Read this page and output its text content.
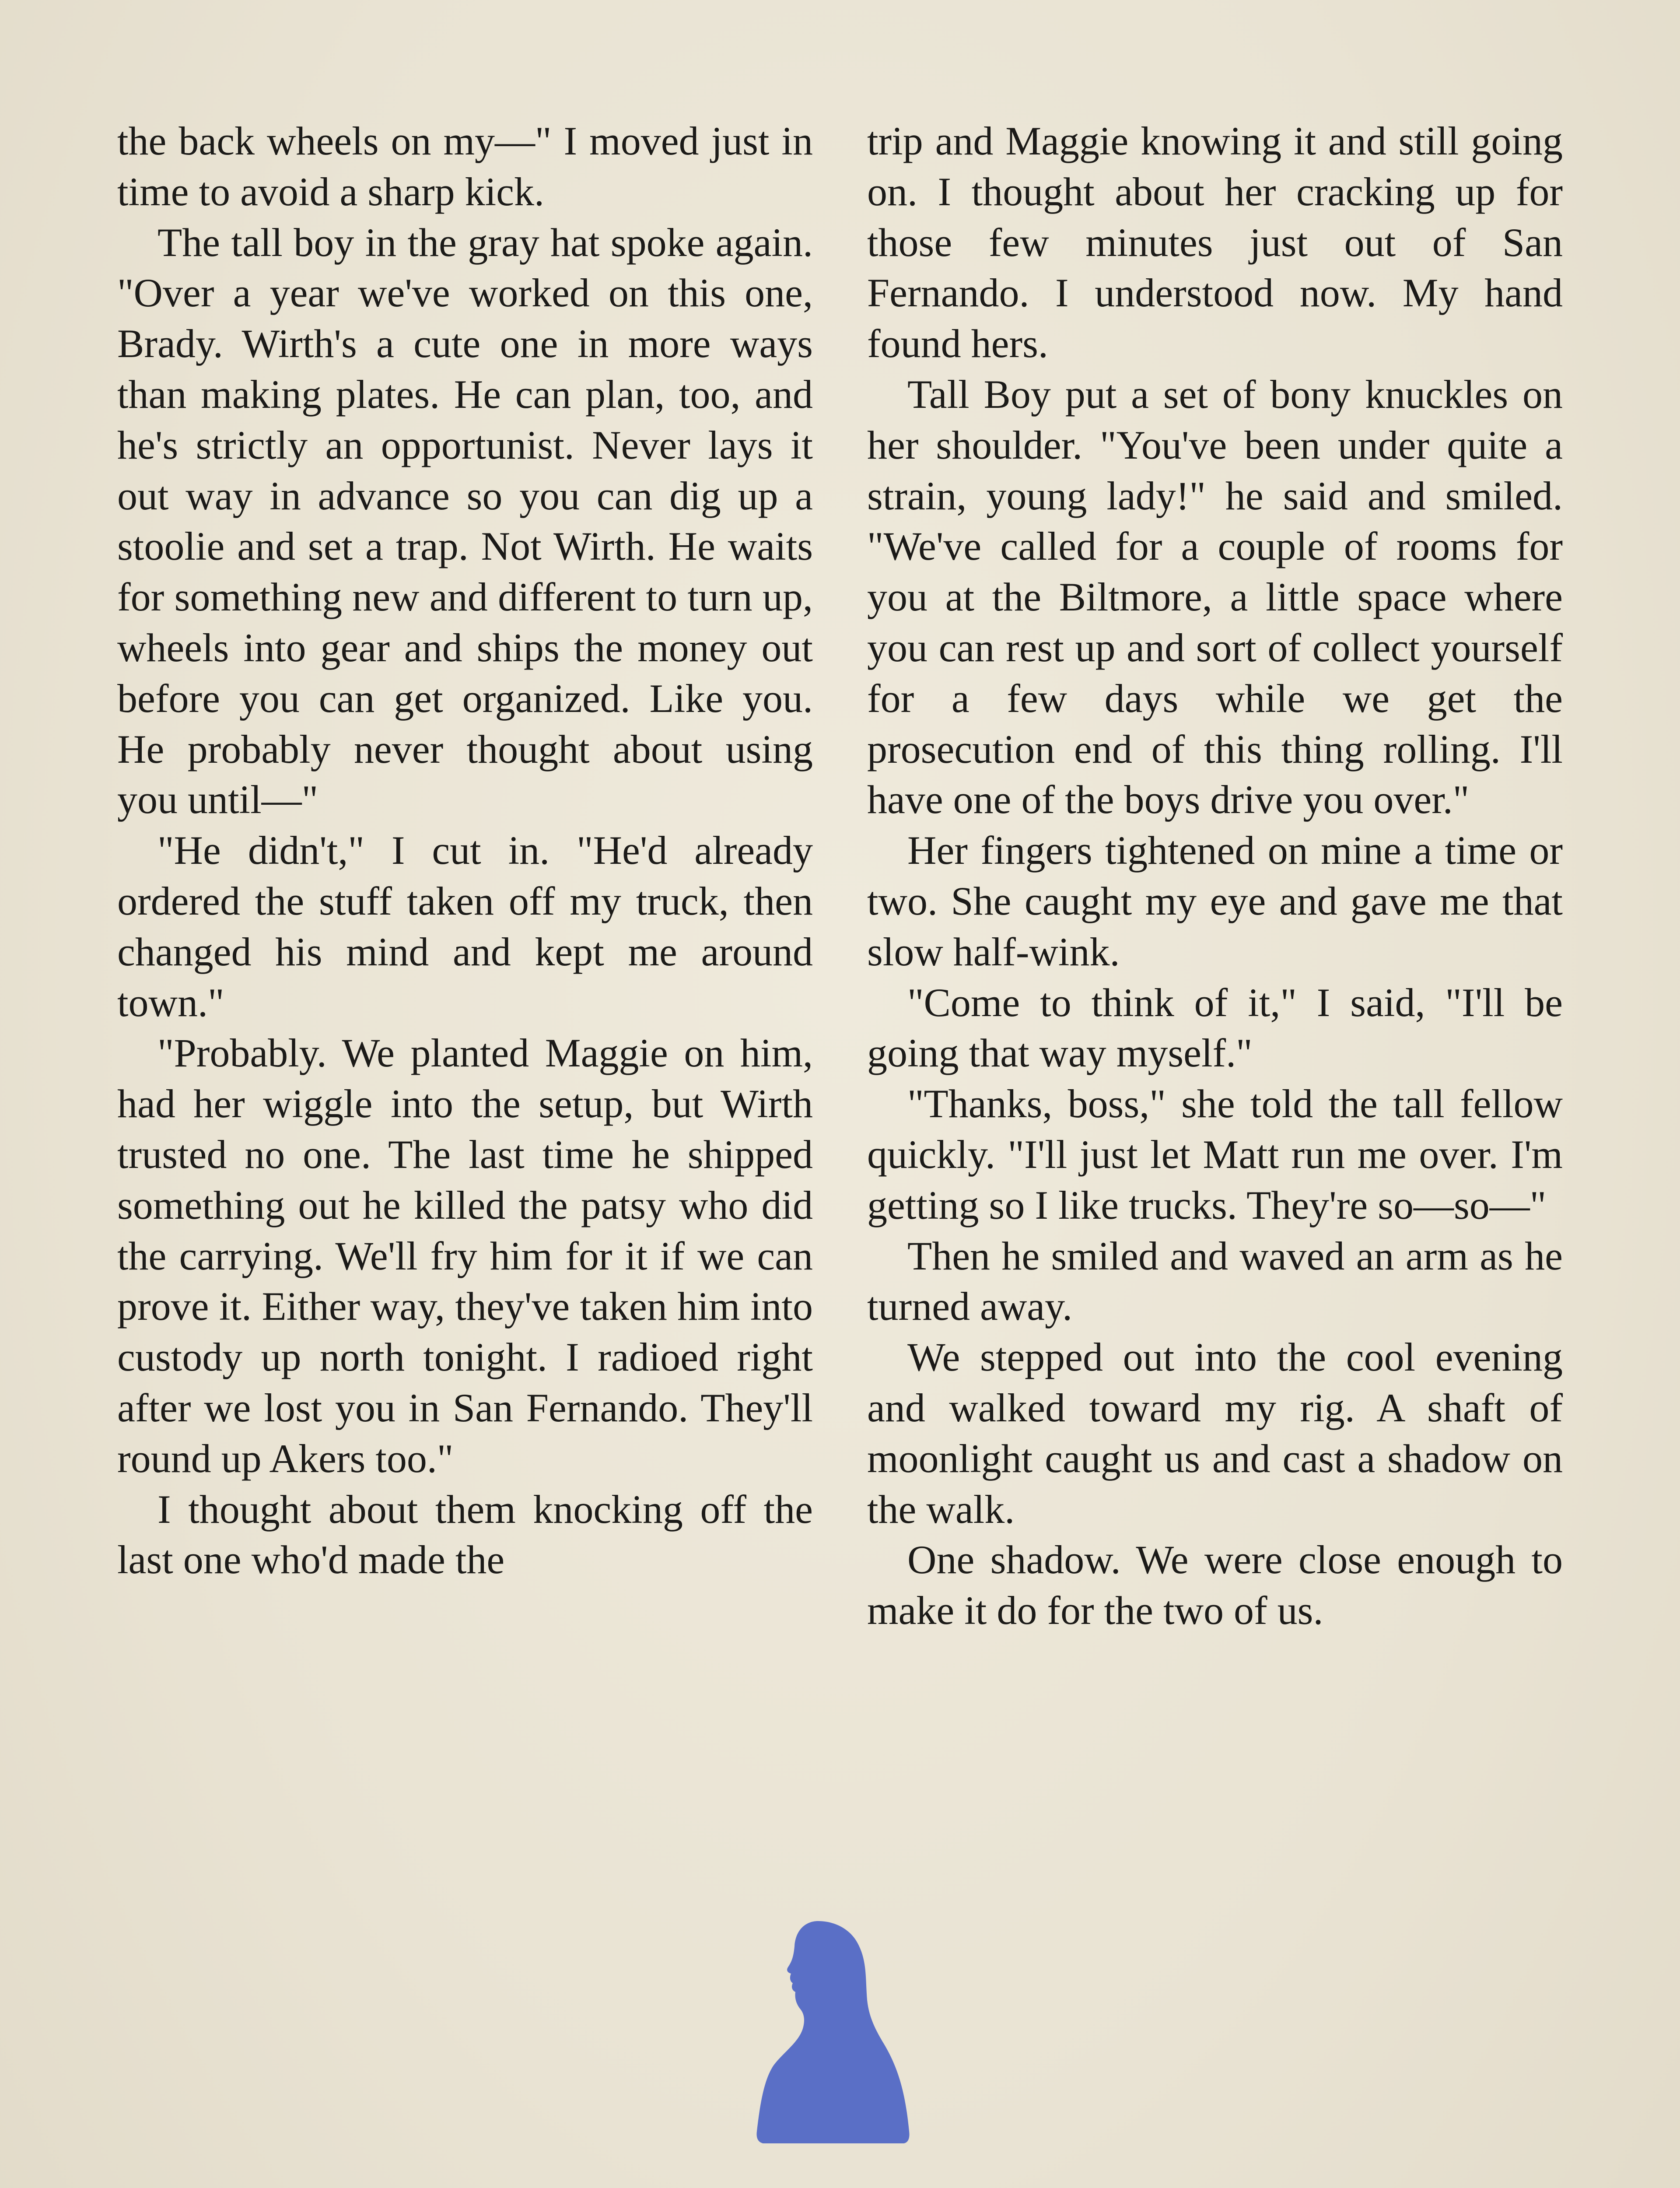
the back wheels on my—" I moved just in time to avoid a sharp kick.

The tall boy in the gray hat spoke again. "Over a year we've worked on this one, Brady. Wirth's a cute one in more ways than making plates. He can plan, too, and he's strictly an opportunist. Never lays it out way in advance so you can dig up a stoolie and set a trap. Not Wirth. He waits for something new and different to turn up, wheels into gear and ships the money out before you can get organized. Like you. He probably never thought about using you until—"

"He didn't," I cut in. "He'd already ordered the stuff taken off my truck, then changed his mind and kept me around town."

"Probably. We planted Maggie on him, had her wiggle into the setup, but Wirth trusted no one. The last time he shipped something out he killed the patsy who did the carrying. We'll fry him for it if we can prove it. Either way, they've taken him into custody up north tonight. I radioed right after we lost you in San Fernando. They'll round up Akers too."

I thought about them knocking off the last one who'd made the

trip and Maggie knowing it and still going on. I thought about her cracking up for those few minutes just out of San Fernando. I understood now. My hand found hers.

Tall Boy put a set of bony knuckles on her shoulder. "You've been under quite a strain, young lady!" he said and smiled. "We've called for a couple of rooms for you at the Biltmore, a little space where you can rest up and sort of collect yourself for a few days while we get the prosecution end of this thing rolling. I'll have one of the boys drive you over."

Her fingers tightened on mine a time or two. She caught my eye and gave me that slow half-wink.

"Come to think of it," I said, "I'll be going that way myself."

"Thanks, boss," she told the tall fellow quickly. "I'll just let Matt run me over. I'm getting so I like trucks. They're so—so—"

Then he smiled and waved an arm as he turned away.

We stepped out into the cool evening and walked toward my rig. A shaft of moonlight caught us and cast a shadow on the walk.

One shadow. We were close enough to make it do for the two of us.
